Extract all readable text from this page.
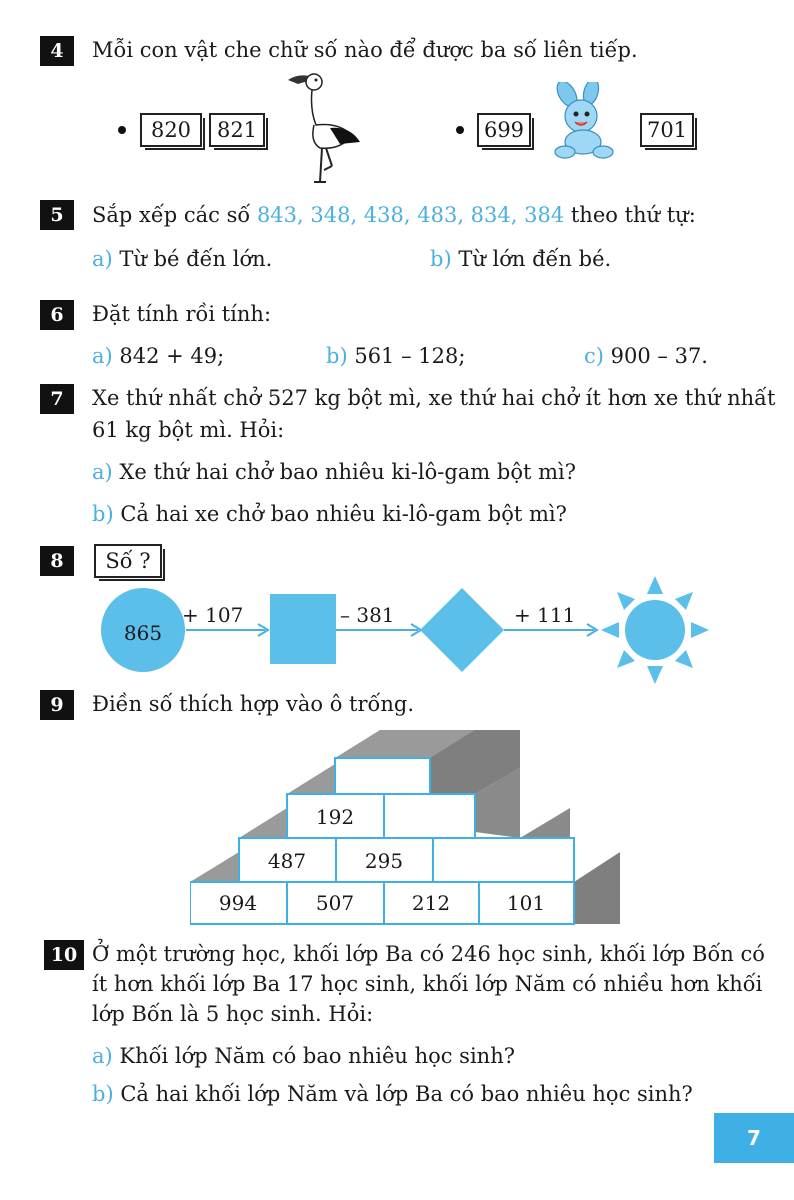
4	Mỗi con vật che chữ số nào để được ba số liên tiếp.
820	821	699	701
5	Sắp xếp các số 843, 348, 438, 483, 834, 384 theo thứ tự:
a) Từ bé đến lớn.	b) Từ lớn đến bé.
6	Đặt tính rồi tính:
a) 842 + 49;	b) 561 – 128;	c) 900 – 37.
7	Xe thứ nhất chở 527 kg bột mì, xe thứ hai chở ít hơn xe thứ nhất
61 kg bột mì. Hỏi:
a) Xe thứ hai chở bao nhiêu ki-lô-gam bột mì?
b) Cả hai xe chở bao nhiêu ki-lô-gam bột mì?
8	Số ?
865
+ 107	– 381	+ 111
9	Điền số thích hợp vào ô trống.
192
487	295
994	507	212	101
10 Ở một trường học, khối lớp Ba có 246 học sinh, khối lớp Bốn có
ít hơn khối lớp Ba 17 học sinh, khối lớp Năm có nhiều hơn khối
lớp Bốn là 5 học sinh. Hỏi:
a) Khối lớp Năm có bao nhiêu học sinh?
b) Cả hai khối lớp Năm và lớp Ba có bao nhiêu học sinh?
7
